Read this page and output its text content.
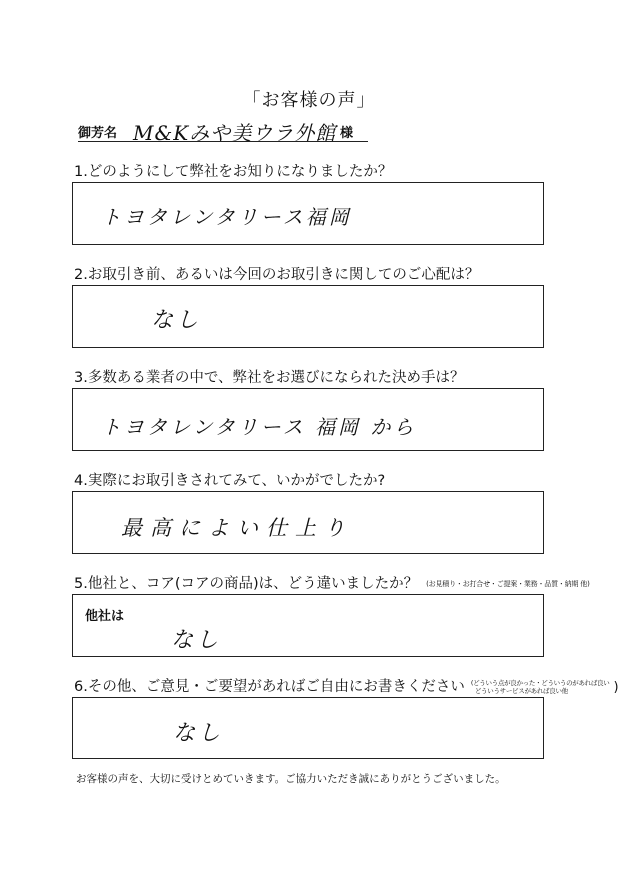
「お客様の声」
御芳名 M&Kみや美ウラ外館 様
1.どのようにして弊社をお知りになりましたか？
トヨタレンタリース福岡
2.お取引き前、あるいは今回のお取引きに関してのご心配は？
なし
3.多数ある業者の中で、弊社をお選びになられた決め手は？
トヨタレンタリース 福岡 から
4.実際にお取引きされてみて、いかがでしたか?
最高によい仕上り
5.他社と、コア(コアの商品)は、どう違いましたか？ (お見積り・お打合せ・ご提案・業務・品質・納期 他)
他社は
なし
6.その他、ご意見・ご要望があればご自由にお書きください (どういう点が良かった・どういうのがあれば良い
どういうサービスがあれば良い他	)
なし
お客様の声を、大切に受けとめていきます。ご協力いただき誠にありがとうございました。
